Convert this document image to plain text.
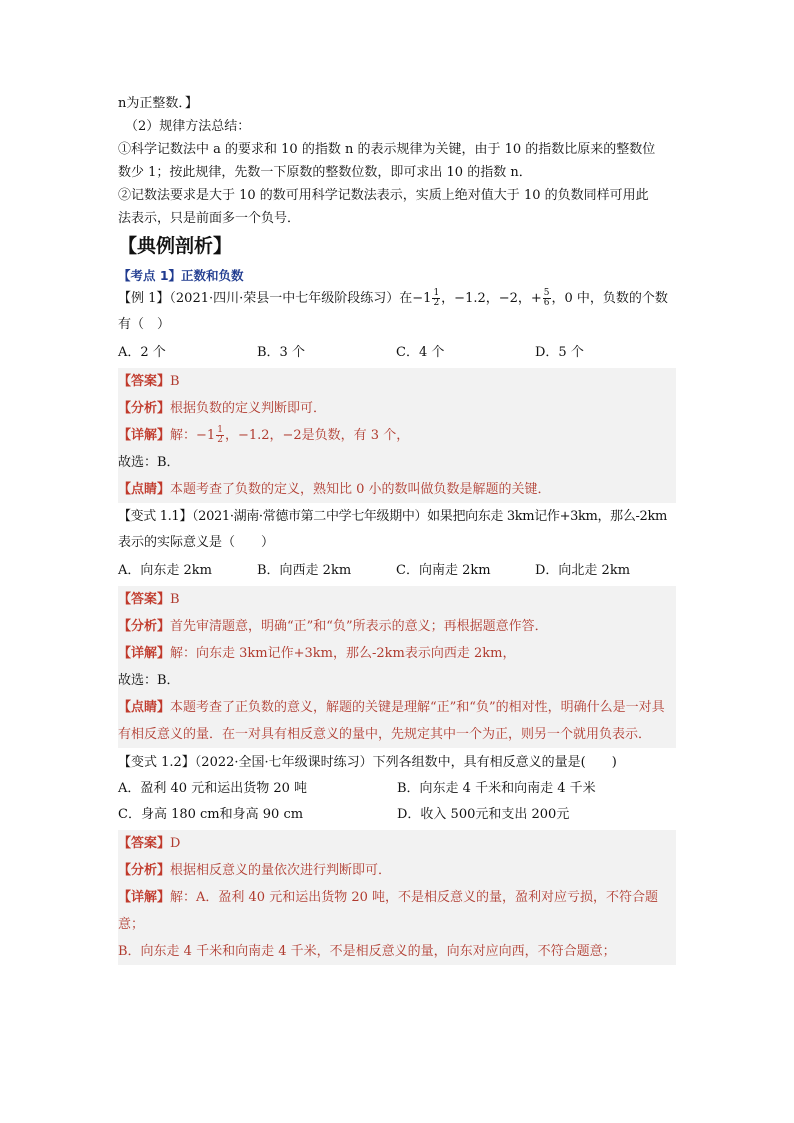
n为正整数．】
（2）规律方法总结：
①科学记数法中 a 的要求和 10 的指数 n 的表示规律为关键，由于 10 的指数比原来的整数位
数少 1；按此规律，先数一下原数的整数位数，即可求出 10 的指数 n．
②记数法要求是大于 10 的数可用科学记数法表示，实质上绝对值大于 10 的负数同样可用此
法表示，只是前面多一个负号．
【典例剖析】
【考点 1】正数和负数
【例 1】（2021·四川·荣县一中七年级阶段练习）在$-1 \frac{1}{2}$ ，−1.2，−2，+ $\frac{5}{6}$ ，0 中，负数的个数
有（　）
A．2 个	B．3 个	C．4 个	D．5 个
【答案】B
【分析】根据负数的定义判断即可．
【详解】解：$-1 \frac{1}{2}$ ，−1.2，−2是负数，有 3 个，
故选：B．
【点睛】本题考查了负数的定义，熟知比 0 小的数叫做负数是解题的关键．
【变式 1.1】（2021·湖南·常德市第二中学七年级期中）如果把向东走 3km记作+3km，那么-2km
表示的实际意义是（　　）
A．向东走 2km	B．向西走 2km	C．向南走 2km	D．向北走 2km
【答案】B
【分析】首先审清题意，明确“正”和“负”所表示的意义；再根据题意作答．
【详解】解：向东走 3km记作+3km，那么-2km表示向西走 2km，
故选：B．
【点睛】本题考查了正负数的意义，解题的关键是理解“正”和“负”的相对性，明确什么是一对具有相反意义的量．在一对具有相反意义的量中，先规定其中一个为正，则另一个就用负表示．
【变式 1.2】（2022·全国·七年级课时练习）下列各组数中，具有相反意义的量是(　　)
A．盈利 40 元和运出货物 20 吨	B．向东走 4 千米和向南走 4 千米
C．身高 180 cm和身高 90 cm	D．收入 500元和支出 200元
【答案】D
【分析】根据相反意义的量依次进行判断即可．
【详解】解：A．盈利 40 元和运出货物 20 吨，不是相反意义的量，盈利对应亏损，不符合题意；
B．向东走 4 千米和向南走 4 千米，不是相反意义的量，向东对应向西，不符合题意；
